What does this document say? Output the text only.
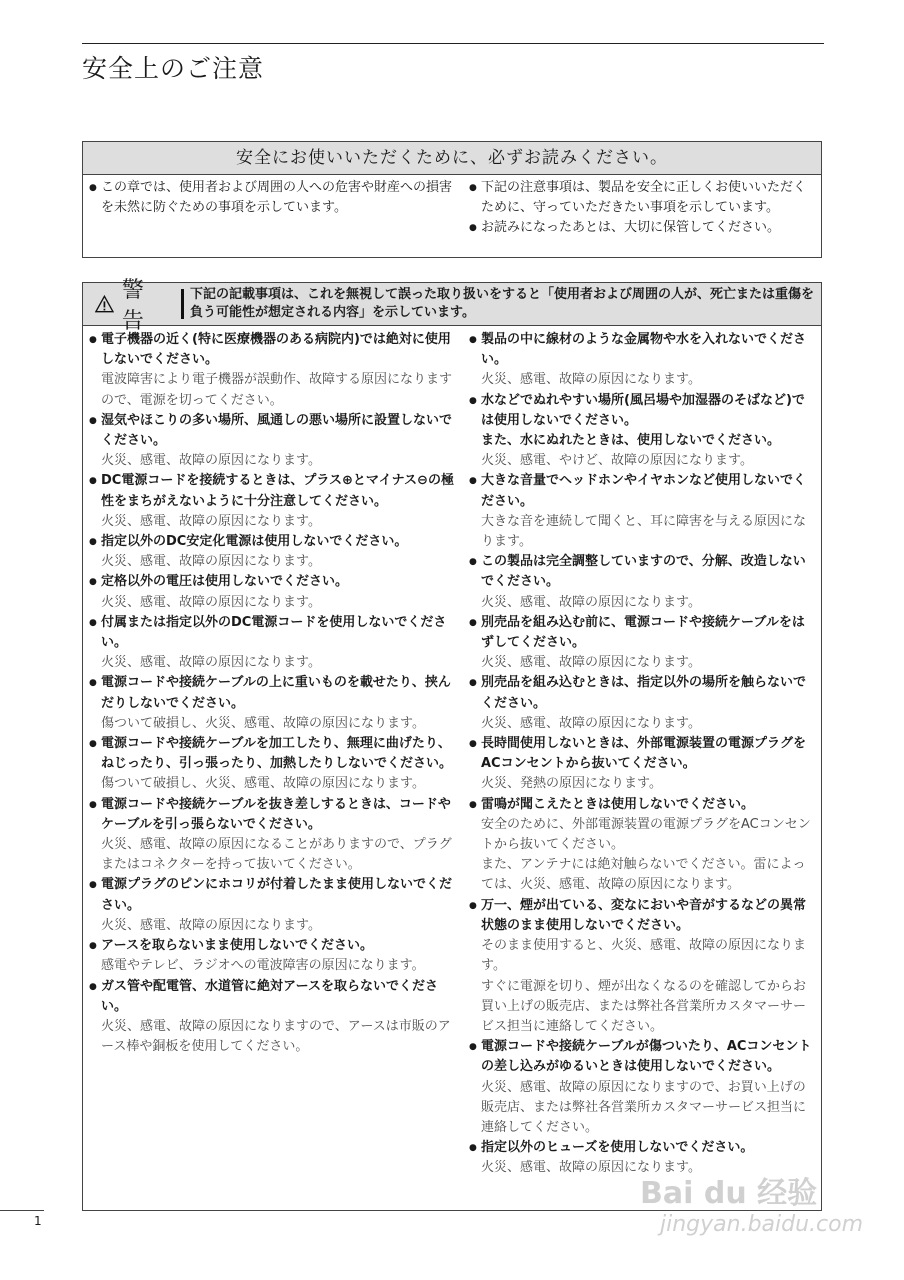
安全上のご注意
安全にお使いいただくために、必ずお読みください。
● この章では、使用者および周囲の人への危害や財産への損害を未然に防ぐための事項を示しています。
● 下記の注意事項は、製品を安全に正しくお使いいただくために、守っていただきたい事項を示しています。
● お読みになったあとは、大切に保管してください。
警 告
下記の記載事項は、これを無視して誤った取り扱いをすると「使用者および周囲の人が、死亡または重傷を負う可能性が想定される内容」を示しています。
● 電子機器の近く(特に医療機器のある病院内)では絶対に使用しないでください。
電波障害により電子機器が誤動作、故障する原因になりますので、電源を切ってください。
● 湿気やほこりの多い場所、風通しの悪い場所に設置しないでください。
火災、感電、故障の原因になります。
● DC電源コードを接続するときは、プラス⊕とマイナス⊖の極性をまちがえないように十分注意してください。
火災、感電、故障の原因になります。
● 指定以外のDC安定化電源は使用しないでください。
火災、感電、故障の原因になります。
● 定格以外の電圧は使用しないでください。
火災、感電、故障の原因になります。
● 付属または指定以外のDC電源コードを使用しないでください。
火災、感電、故障の原因になります。
● 電源コードや接続ケーブルの上に重いものを載せたり、挟んだりしないでください。
傷ついて破損し、火災、感電、故障の原因になります。
● 電源コードや接続ケーブルを加工したり、無理に曲げたり、ねじったり、引っ張ったり、加熱したりしないでください。
傷ついて破損し、火災、感電、故障の原因になります。
● 電源コードや接続ケーブルを抜き差しするときは、コードやケーブルを引っ張らないでください。
火災、感電、故障の原因になることがありますので、プラグまたはコネクターを持って抜いてください。
● 電源プラグのピンにホコリが付着したまま使用しないでください。
火災、感電、故障の原因になります。
● アースを取らないまま使用しないでください。
感電やテレビ、ラジオへの電波障害の原因になります。
● ガス管や配電管、水道管に絶対アースを取らないでください。
火災、感電、故障の原因になりますので、アースは市販のアース棒や銅板を使用してください。
● 製品の中に線材のような金属物や水を入れないでください。
火災、感電、故障の原因になります。
● 水などでぬれやすい場所(風呂場や加湿器のそばなど)では使用しないでください。
また、水にぬれたときは、使用しないでください。
火災、感電、やけど、故障の原因になります。
● 大きな音量でヘッドホンやイヤホンなど使用しないでください。
大きな音を連続して聞くと、耳に障害を与える原因になります。
● この製品は完全調整していますので、分解、改造しないでください。
火災、感電、故障の原因になります。
● 別売品を組み込む前に、電源コードや接続ケーブルをはずしてください。
火災、感電、故障の原因になります。
● 別売品を組み込むときは、指定以外の場所を触らないでください。
火災、感電、故障の原因になります。
● 長時間使用しないときは、外部電源装置の電源プラグをACコンセントから抜いてください。
火災、発熱の原因になります。
● 雷鳴が聞こえたときは使用しないでください。
安全のために、外部電源装置の電源プラグをACコンセントから抜いてください。
また、アンテナには絶対触らないでください。雷によっては、火災、感電、故障の原因になります。
● 万一、煙が出ている、変なにおいや音がするなどの異常状態のまま使用しないでください。
そのまま使用すると、火災、感電、故障の原因になります。
すぐに電源を切り、煙が出なくなるのを確認してからお買い上げの販売店、または弊社各営業所カスタマーサービス担当に連絡してください。
● 電源コードや接続ケーブルが傷ついたり、ACコンセントの差し込みがゆるいときは使用しないでください。
火災、感電、故障の原因になりますので、お買い上げの販売店、または弊社各営業所カスタマーサービス担当に連絡してください。
● 指定以外のヒューズを使用しないでください。
火災、感電、故障の原因になります。
1
Bai du 经验
jingyan.baidu.com
